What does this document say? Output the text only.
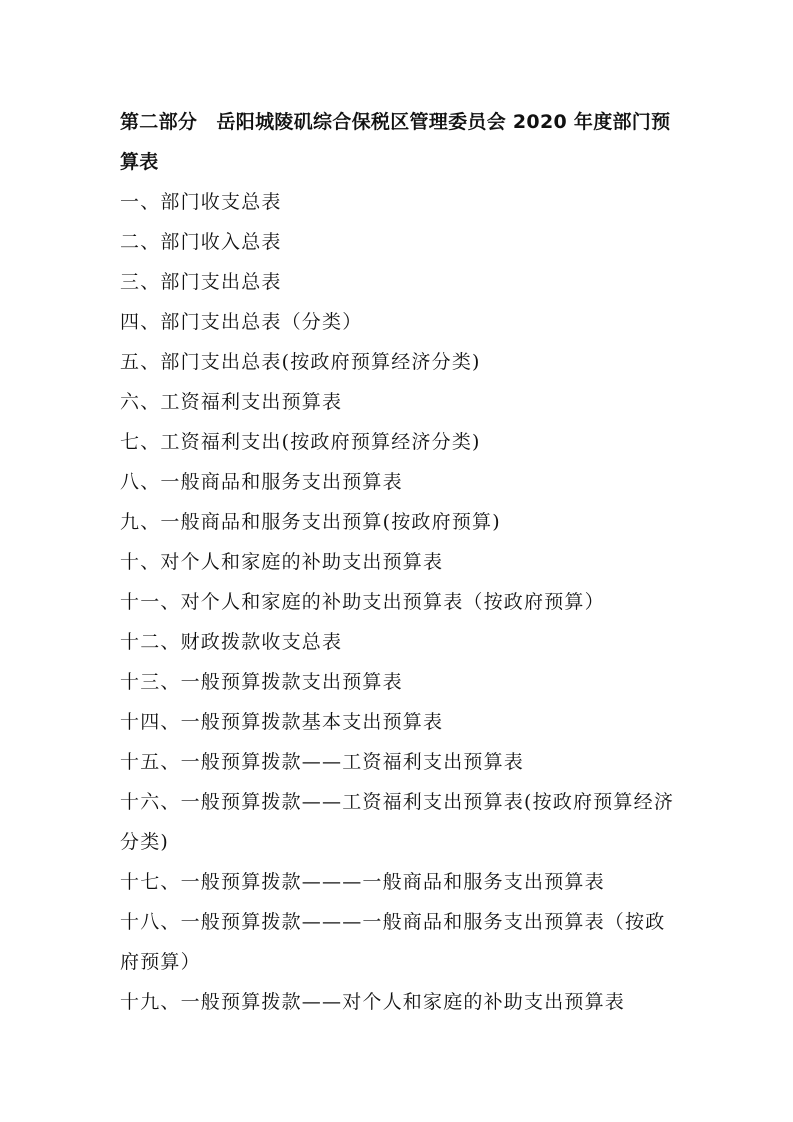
第二部分　岳阳城陵矶综合保税区管理委员会 2020 年度部门预算表
一、部门收支总表
二、部门收入总表
三、部门支出总表
四、部门支出总表（分类）
五、部门支出总表(按政府预算经济分类)
六、工资福利支出预算表
七、工资福利支出(按政府预算经济分类)
八、一般商品和服务支出预算表
九、一般商品和服务支出预算(按政府预算)
十、对个人和家庭的补助支出预算表
十一、对个人和家庭的补助支出预算表（按政府预算）
十二、财政拨款收支总表
十三、一般预算拨款支出预算表
十四、一般预算拨款基本支出预算表
十五、一般预算拨款——工资福利支出预算表
十六、一般预算拨款——工资福利支出预算表(按政府预算经济分类)
十七、一般预算拨款———一般商品和服务支出预算表
十八、一般预算拨款———一般商品和服务支出预算表（按政府预算）
十九、一般预算拨款——对个人和家庭的补助支出预算表
